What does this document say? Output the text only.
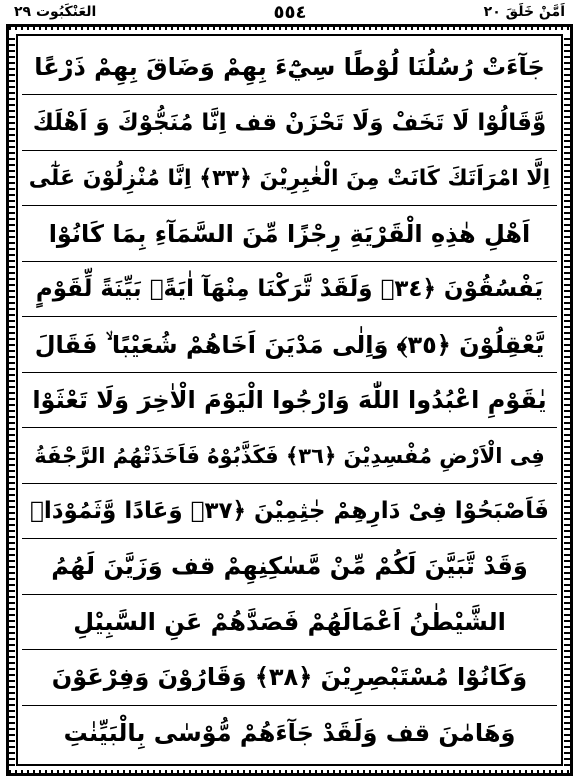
اَمَّنْ خَلَقَ ٢٠
٥٥٤
العَنْكَبُوت ٢٩
جَآءَتْ رُسُلُنَا لُوْطًا سِيْٓءَ بِهِمْ وَضَاقَ بِهِمْ ذَرْعًا
وَّقَالُوْا لَا تَخَفْ وَلَا تَحْزَنْ قف اِنَّا مُنَجُّوْكَ وَ اَهْلَكَ
اِلَّا امْرَاَتَكَ كَانَتْ مِنَ الْغٰبِرِيْنَ ﴿٣٣﴾ اِنَّا مُنْزِلُوْنَ عَلٰٓى
اَهْلِ هٰذِهِ الْقَرْيَةِ رِجْزًا مِّنَ السَّمَآءِ بِمَا كَانُوْا
يَفْسُقُوْنَ ﴿٣٤﴾ وَلَقَدْ تَّرَكْنَا مِنْهَآ اٰيَةًۢ بَيِّنَةً لِّقَوْمٍ
يَّعْقِلُوْنَ ﴿٣٥﴾ وَاِلٰى مَدْيَنَ اَخَاهُمْ شُعَيْبًا ۙ فَقَالَ
يٰقَوْمِ اعْبُدُوا اللّٰهَ وَارْجُوا الْيَوْمَ الْاٰخِرَ وَلَا تَعْثَوْا
فِى الْاَرْضِ مُفْسِدِيْنَ ﴿٣٦﴾ فَكَذَّبُوْهُ فَاَخَذَتْهُمُ الرَّجْفَةُ
فَاَصْبَحُوْا فِىْ دَارِهِمْ جٰثِمِيْنَ ﴿٣٧﴾ وَعَادًا وَّثَمُوْدَا۟
وَقَدْ تَّبَيَّنَ لَكُمْ مِّنْ مَّسٰكِنِهِمْ قف وَزَيَّنَ لَهُمُ
الشَّيْطٰنُ اَعْمَالَهُمْ فَصَدَّهُمْ عَنِ السَّبِيْلِ
وَكَانُوْا مُسْتَبْصِرِيْنَ ﴿٣٨﴾ وَقَارُوْنَ وَفِرْعَوْنَ
وَهَامٰنَ قف وَلَقَدْ جَآءَهُمْ مُّوْسٰى بِالْبَيِّنٰتِ
